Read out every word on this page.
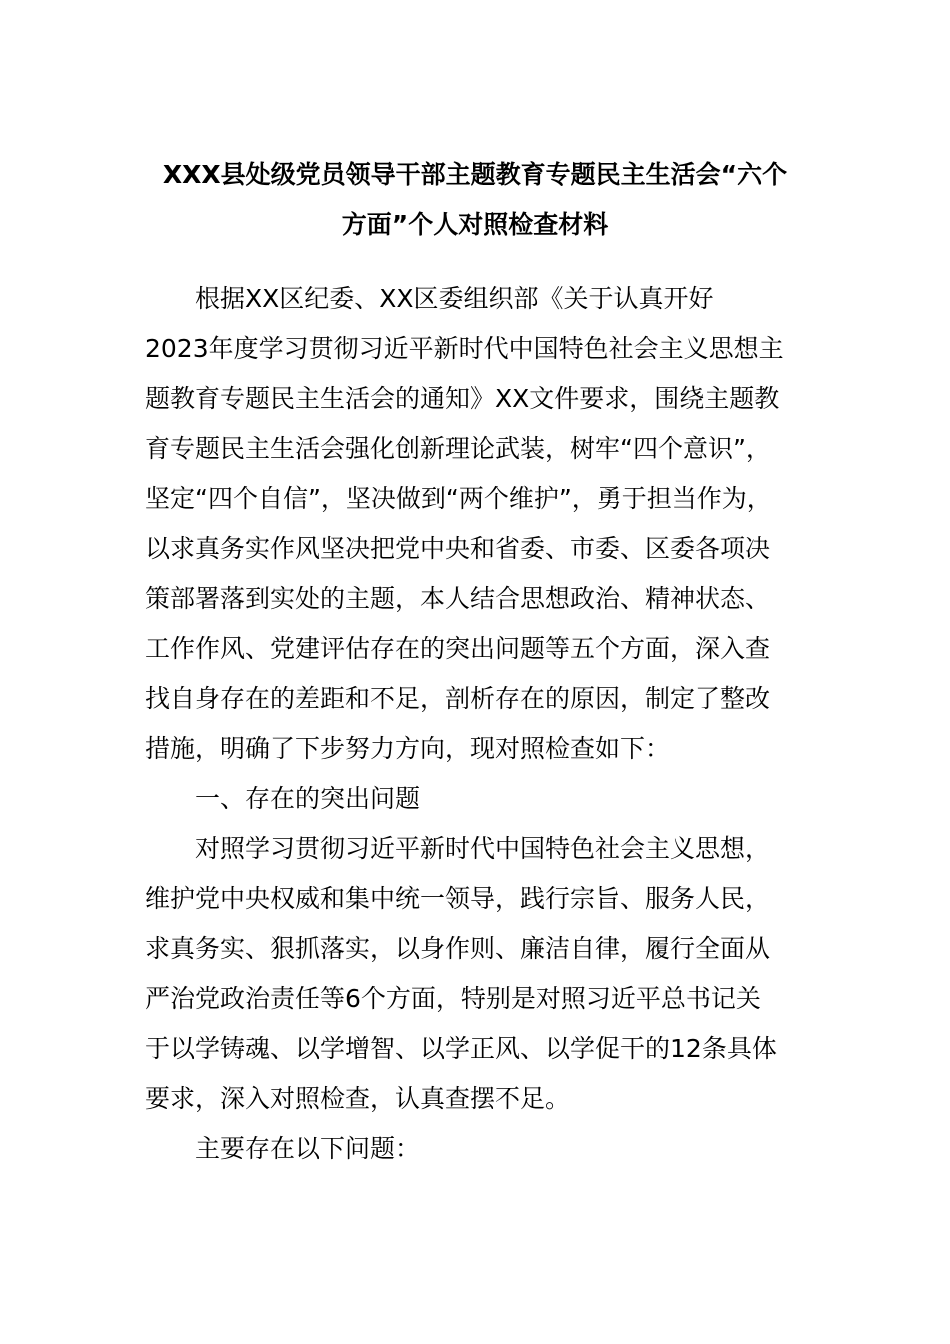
XXX县处级党员领导干部主题教育专题民主生活会“六个
方面”个人对照检查材料

根据XX区纪委、XX区委组织部《关于认真开好

2023年度学习贯彻习近平新时代中国特色社会主义思想主

题教育专题民主生活会的通知》XX文件要求，围绕主题教

育专题民主生活会强化创新理论武装，树牢“四个意识”，

坚定“四个自信”，坚决做到“两个维护”，勇于担当作为，

以求真务实作风坚决把党中央和省委、市委、区委各项决

策部署落到实处的主题，本人结合思想政治、精神状态、

工作作风、党建评估存在的突出问题等五个方面，深入查

找自身存在的差距和不足，剖析存在的原因，制定了整改

措施，明确了下步努力方向，现对照检查如下：

一、存在的突出问题

对照学习贯彻习近平新时代中国特色社会主义思想，

维护党中央权威和集中统一领导，践行宗旨、服务人民，

求真务实、狠抓落实，以身作则、廉洁自律，履行全面从

严治党政治责任等6个方面，特别是对照习近平总书记关

于以学铸魂、以学增智、以学正风、以学促干的12条具体

要求，深入对照检查，认真查摆不足。

主要存在以下问题：
